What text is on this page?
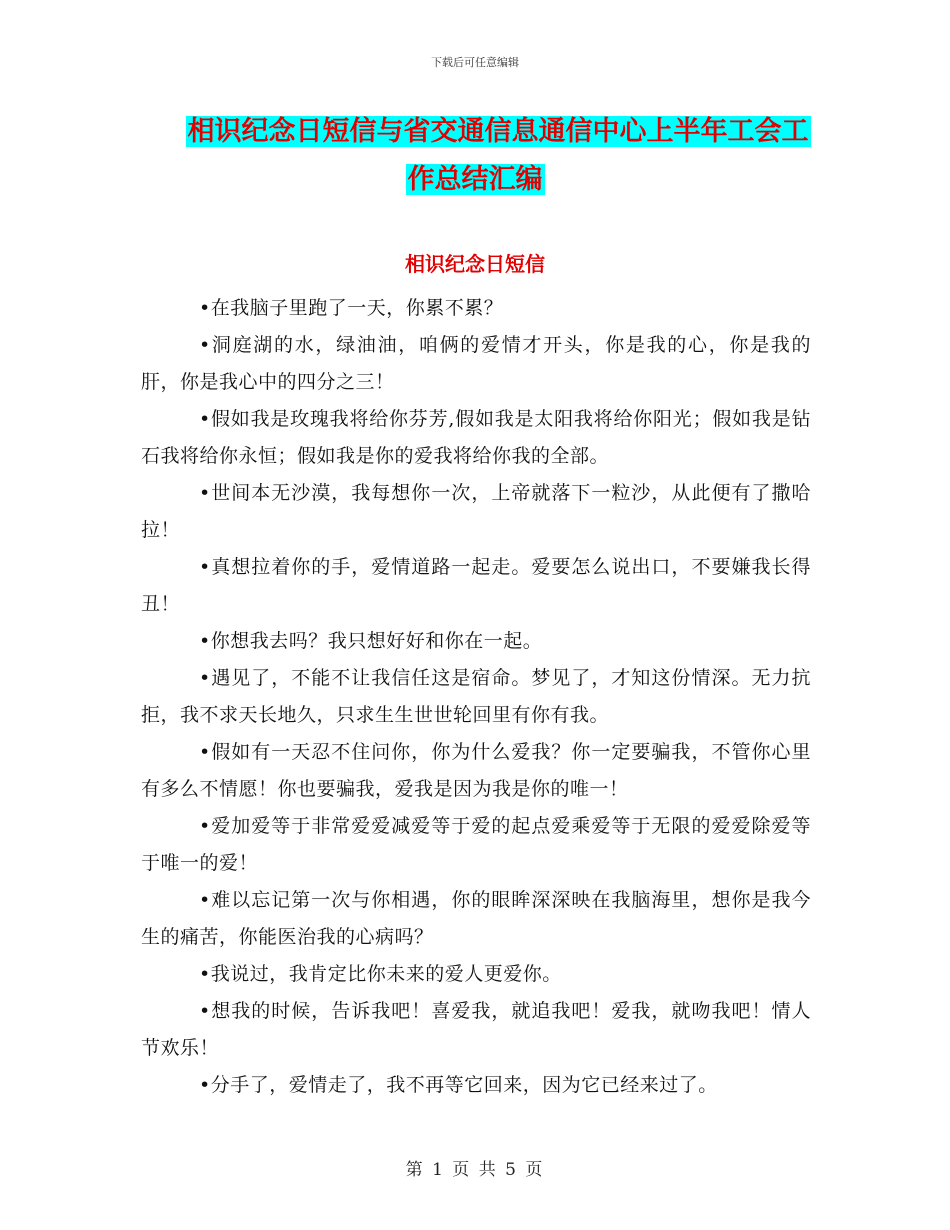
下载后可任意编辑
相识纪念日短信与省交通信息通信中心上半年工会工
作总结汇编
相识纪念日短信

•在我脑子里跑了一天，你累不累？

•洞庭湖的水，绿油油，咱俩的爱情才开头，你是我的心，你是我的肝，你是我心中的四分之三！

•假如我是玫瑰我将给你芬芳,假如我是太阳我将给你阳光；假如我是钻石我将给你永恒；假如我是你的爱我将给你我的全部。

•世间本无沙漠，我每想你一次，上帝就落下一粒沙，从此便有了撒哈拉！

•真想拉着你的手，爱情道路一起走。爱要怎么说出口，不要嫌我长得丑！

•你想我去吗？我只想好好和你在一起。

•遇见了，不能不让我信任这是宿命。梦见了，才知这份情深。无力抗拒，我不求天长地久，只求生生世世轮回里有你有我。

•假如有一天忍不住问你，你为什么爱我？你一定要骗我，不管你心里有多么不情愿！你也要骗我，爱我是因为我是你的唯一！

•爱加爱等于非常爱爱减爱等于爱的起点爱乘爱等于无限的爱爱除爱等于唯一的爱！

•难以忘记第一次与你相遇，你的眼眸深深映在我脑海里，想你是我今生的痛苦，你能医治我的心病吗？

•我说过，我肯定比你未来的爱人更爱你。

•想我的时候，告诉我吧！喜爱我，就追我吧！爱我，就吻我吧！情人节欢乐！

•分手了，爱情走了，我不再等它回来，因为它已经来过了。

第 1 页 共 5 页
